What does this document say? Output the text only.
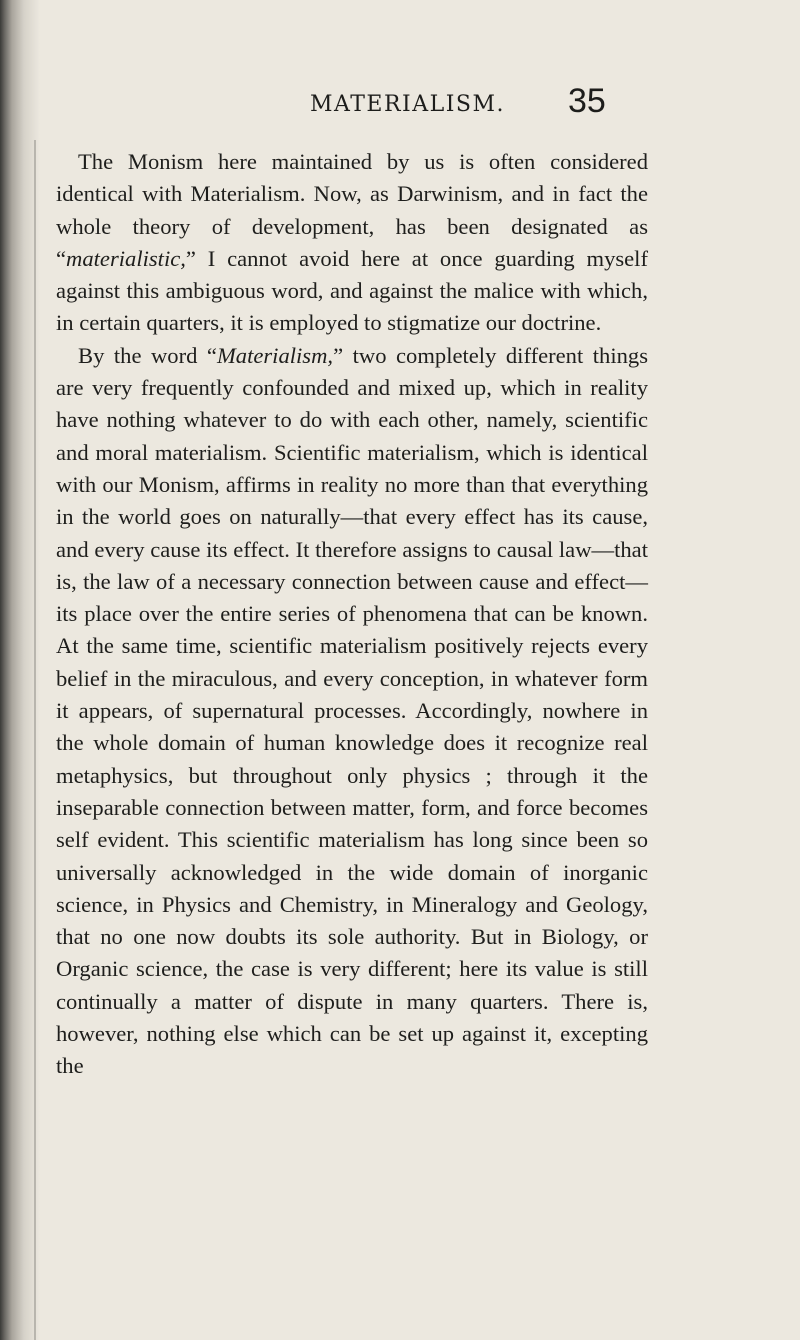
MATERIALISM. 35

The Monism here maintained by us is often considered identical with Materialism. Now, as Darwinism, and in fact the whole theory of development, has been designated as “materialistic,” I cannot avoid here at once guarding myself against this ambiguous word, and against the malice with which, in certain quarters, it is employed to stigmatize our doctrine.

By the word “Materialism,” two completely different things are very frequently confounded and mixed up, which in reality have nothing whatever to do with each other, namely, scientific and moral materialism. Scientific materialism, which is identical with our Monism, affirms in reality no more than that everything in the world goes on naturally—that every effect has its cause, and every cause its effect. It therefore assigns to causal law—that is, the law of a necessary connection between cause and effect—its place over the entire series of phenomena that can be known. At the same time, scientific materialism positively rejects every belief in the miraculous, and every conception, in whatever form it appears, of supernatural processes. Accordingly, nowhere in the whole domain of human knowledge does it recognize real metaphysics, but throughout only physics ; through it the inseparable connection between matter, form, and force becomes self evident. This scientific materialism has long since been so universally acknowledged in the wide domain of inorganic science, in Physics and Chemistry, in Mineralogy and Geology, that no one now doubts its sole authority. But in Biology, or Organic science, the case is very different; here its value is still continually a matter of dispute in many quarters. There is, however, nothing else which can be set up against it, excepting the
